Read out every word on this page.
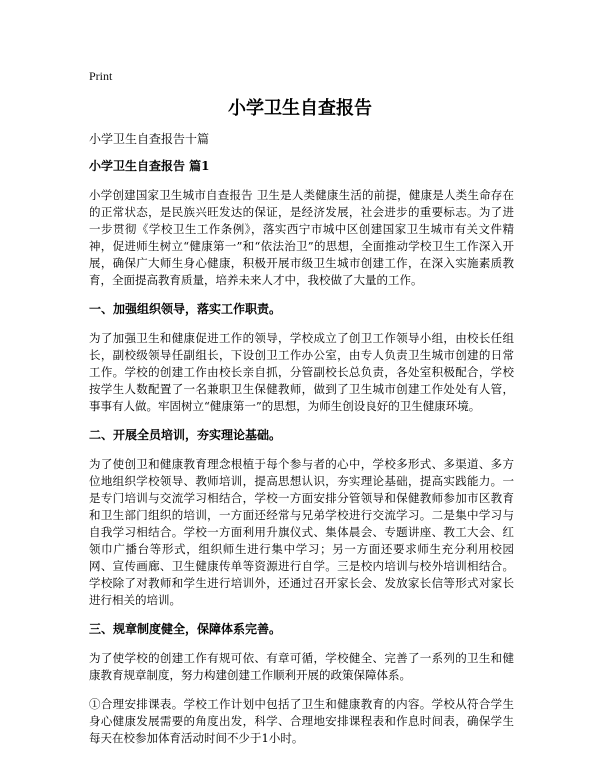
Print
小学卫生自查报告
小学卫生自查报告十篇
小学卫生自查报告 篇1

小学创建国家卫生城市自查报告 卫生是人类健康生活的前提，健康是人类生命存在的正常状态，是民族兴旺发达的保证，是经济发展，社会进步的重要标志。为了进一步贯彻《学校卫生工作条例》，落实西宁市城中区创建国家卫生城市有关文件精神，促进师生树立“健康第一”和“依法治卫”的思想，全面推动学校卫生工作深入开展，确保广大师生身心健康，积极开展市级卫生城市创建工作，在深入实施素质教育，全面提高教育质量，培养未来人才中，我校做了大量的工作。

一、加强组织领导，落实工作职责。

为了加强卫生和健康促进工作的领导，学校成立了创卫工作领导小组，由校长任组长，副校级领导任副组长，下设创卫工作办公室，由专人负责卫生城市创建的日常工作。学校的创建工作由校长亲自抓，分管副校长总负责，各处室积极配合，学校按学生人数配置了一名兼职卫生保健教师，做到了卫生城市创建工作处处有人管，事事有人做。牢固树立“健康第一”的思想，为师生创设良好的卫生健康环境。

二、开展全员培训，夯实理论基础。

为了使创卫和健康教育理念根植于每个参与者的心中，学校多形式、多渠道、多方位地组织学校领导、教师培训，提高思想认识，夯实理论基础，提高实践能力。一是专门培训与交流学习相结合，学校一方面安排分管领导和保健教师参加市区教育和卫生部门组织的培训，一方面还经常与兄弟学校进行交流学习。二是集中学习与自我学习相结合。学校一方面利用升旗仪式、集体晨会、专题讲座、教工大会、红领巾广播台等形式，组织师生进行集中学习；另一方面还要求师生充分利用校园网、宣传画廊、卫生健康传单等资源进行自学。三是校内培训与校外培训相结合。学校除了对教师和学生进行培训外，还通过召开家长会、发放家长信等形式对家长进行相关的培训。

三、规章制度健全，保障体系完善。

为了使学校的创建工作有规可依、有章可循，学校健全、完善了一系列的卫生和健康教育规章制度，努力构建创建工作顺利开展的政策保障体系。

①合理安排课表。学校工作计划中包括了卫生和健康教育的内容。学校从符合学生身心健康发展需要的角度出发，科学、合理地安排课程表和作息时间表，确保学生每天在校参加体育活动时间不少于1小时。
